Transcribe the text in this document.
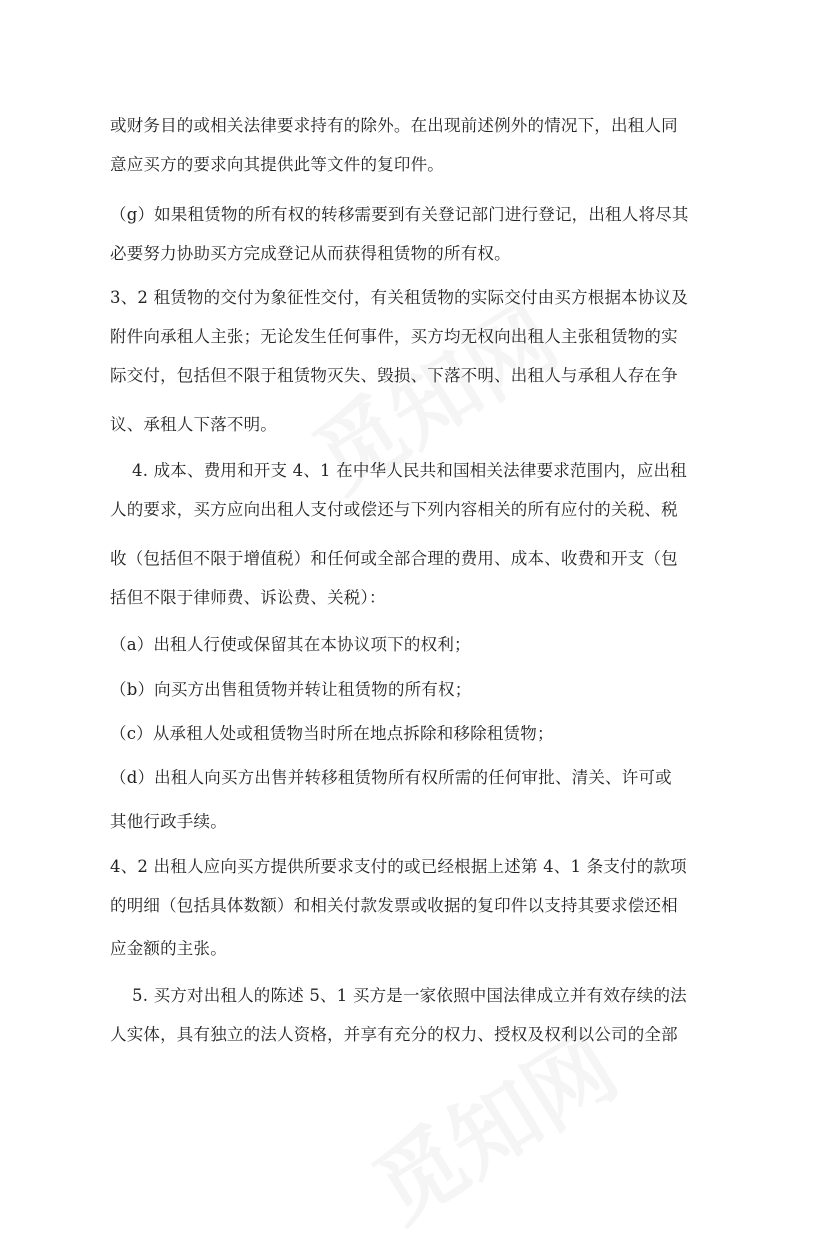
或财务目的或相关法律要求持有的除外。在出现前述例外的情况下，出租人同
意应买方的要求向其提供此等文件的复印件。
（g）如果租赁物的所有权的转移需要到有关登记部门进行登记，出租人将尽其
必要努力协助买方完成登记从而获得租赁物的所有权。
3、2 租赁物的交付为象征性交付，有关租赁物的实际交付由买方根据本协议及
附件向承租人主张；无论发生任何事件，买方均无权向出租人主张租赁物的实
际交付，包括但不限于租赁物灭失、毁损、下落不明、出租人与承租人存在争
议、承租人下落不明。
4. 成本、费用和开支 4、1 在中华人民共和国相关法律要求范围内，应出租
人的要求，买方应向出租人支付或偿还与下列内容相关的所有应付的关税、税
收（包括但不限于增值税）和任何或全部合理的费用、成本、收费和开支（包
括但不限于律师费、诉讼费、关税）：
（a）出租人行使或保留其在本协议项下的权利；
（b）向买方出售租赁物并转让租赁物的所有权；
（c）从承租人处或租赁物当时所在地点拆除和移除租赁物；
（d）出租人向买方出售并转移租赁物所有权所需的任何审批、清关、许可或
其他行政手续。
4、2 出租人应向买方提供所要求支付的或已经根据上述第 4、1 条支付的款项
的明细（包括具体数额）和相关付款发票或收据的复印件以支持其要求偿还相
应金额的主张。
5. 买方对出租人的陈述 5、1 买方是一家依照中国法律成立并有效存续的法
人实体，具有独立的法人资格，并享有充分的权力、授权及权利以公司的全部
